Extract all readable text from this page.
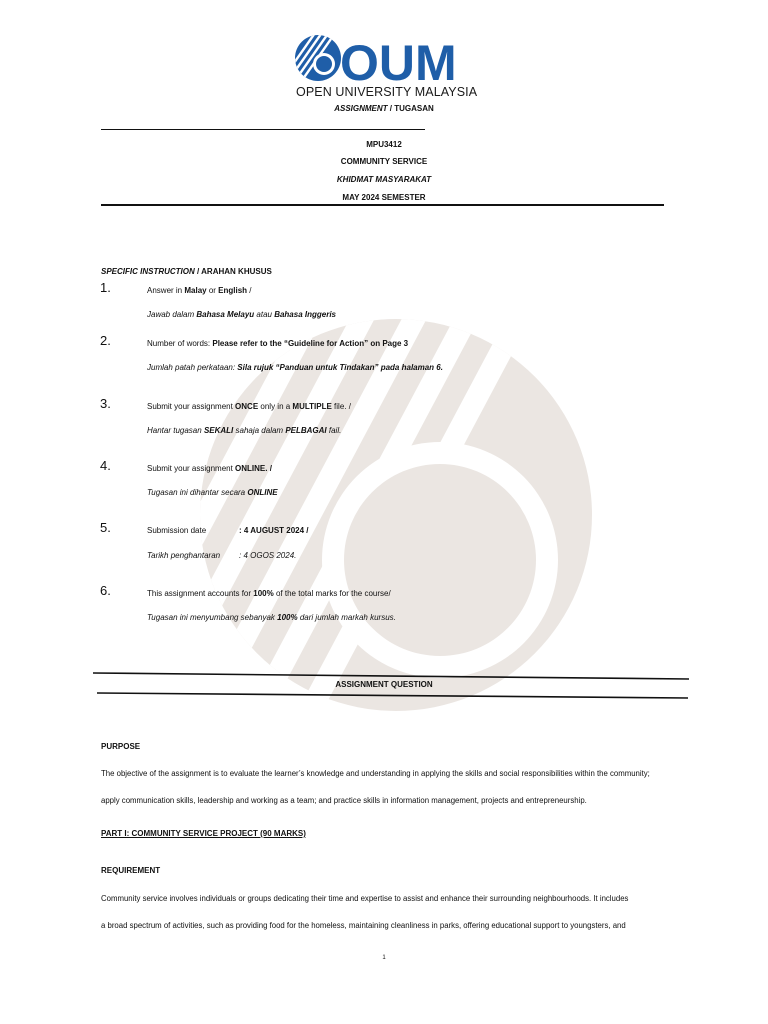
OUM
OPEN UNIVERSITY MALAYSIA
ASSIGNMENT / TUGASAN
MPU3412
COMMUNITY SERVICE
KHIDMAT MASYARAKAT
MAY 2024 SEMESTER
SPECIFIC INSTRUCTION / ARAHAN KHUSUS
1.	Answer in Malay or English /
Jawab dalam Bahasa Melayu atau Bahasa Inggeris
2.	Number of words: Please refer to the “Guideline for Action” on Page 3
Jumlah patah perkataan: Sila rujuk “Panduan untuk Tindakan” pada halaman 6.
3.	Submit your assignment ONCE only in a MULTIPLE file. /
Hantar tugasan SEKALI sahaja dalam PELBAGAI fail.
4.	Submit your assignment ONLINE. /
Tugasan ini dihantar secara ONLINE
5.	Submission date	: 4 AUGUST 2024 /
Tarikh penghantaran : 4 OGOS 2024.
6.	This assignment accounts for 100% of the total marks for the course/
Tugasan ini menyumbang sebanyak 100% dari jumlah markah kursus.
ASSIGNMENT QUESTION
PURPOSE
The objective of the assignment is to evaluate the learner’s knowledge and understanding in applying the skills and social responsibilities within the community;
apply communication skills, leadership and working as a team; and practice skills in information management, projects and entrepreneurship.
PART I: COMMUNITY SERVICE PROJECT (90 MARKS)
REQUIREMENT
Community service involves individuals or groups dedicating their time and expertise to assist and enhance their surrounding neighbourhoods. It includes
a broad spectrum of activities, such as providing food for the homeless, maintaining cleanliness in parks, offering educational support to youngsters, and
1
